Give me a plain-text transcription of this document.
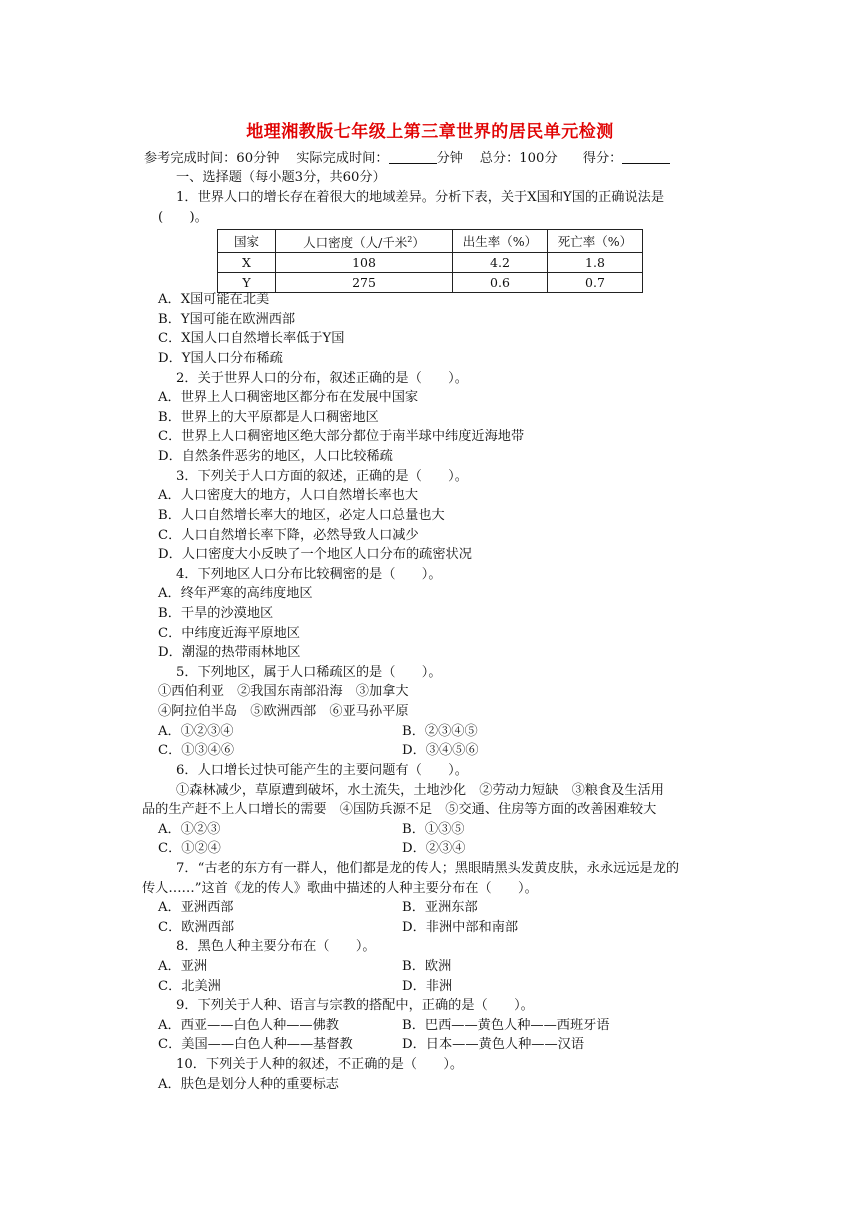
地理湘教版七年级上第三章世界的居民单元检测
参考完成时间：60分钟 实际完成时间：	分钟 总分：100分 得分：
一、选择题（每小题3分，共60分）
1．世界人口的增长存在着很大的地域差异。分析下表，关于X国和Y国的正确说法是
(　　)。
国家	人口密度（人/千米$^2$）	出生率（%）	死亡率（%）
X	108	4.2	1.8
Y	275	0.6	0.7
A．X国可能在北美
B．Y国可能在欧洲西部
C．X国人口自然增长率低于Y国
D．Y国人口分布稀疏
2．关于世界人口的分布，叙述正确的是（　　）。
A．世界上人口稠密地区都分布在发展中国家
B．世界上的大平原都是人口稠密地区
C．世界上人口稠密地区绝大部分都位于南半球中纬度近海地带
D．自然条件恶劣的地区，人口比较稀疏
3．下列关于人口方面的叙述，正确的是（　　）。
A．人口密度大的地方，人口自然增长率也大
B．人口自然增长率大的地区，必定人口总量也大
C．人口自然增长率下降，必然导致人口减少
D．人口密度大小反映了一个地区人口分布的疏密状况
4．下列地区人口分布比较稠密的是（　　）。
A．终年严寒的高纬度地区
B．干旱的沙漠地区
C．中纬度近海平原地区
D．潮湿的热带雨林地区
5．下列地区，属于人口稀疏区的是（　　）。
①西伯利亚　②我国东南部沿海　③加拿大
④阿拉伯半岛　⑤欧洲西部　⑥亚马孙平原
A．①②③④	B．②③④⑤
C．①③④⑥	D．③④⑤⑥
6．人口增长过快可能产生的主要问题有（　　）。
①森林减少，草原遭到破坏，水土流失，土地沙化　②劳动力短缺　③粮食及生活用
品的生产赶不上人口增长的需要　④国防兵源不足　⑤交通、住房等方面的改善困难较大
A．①②③	B．①③⑤
C．①②④	D．②③④
7．“古老的东方有一群人，他们都是龙的传人；黑眼睛黑头发黄皮肤，永永远远是龙的
传人……”这首《龙的传人》歌曲中描述的人种主要分布在（　　）。
A．亚洲西部	B．亚洲东部
C．欧洲西部	D．非洲中部和南部
8．黑色人种主要分布在（　　）。
A．亚洲	B．欧洲
C．北美洲	D．非洲
9．下列关于人种、语言与宗教的搭配中，正确的是（　　）。
A．西亚——白色人种——佛教	B．巴西——黄色人种——西班牙语
C．美国——白色人种——基督教	D．日本——黄色人种——汉语
10．下列关于人种的叙述，不正确的是（　　）。
A．肤色是划分人种的重要标志
